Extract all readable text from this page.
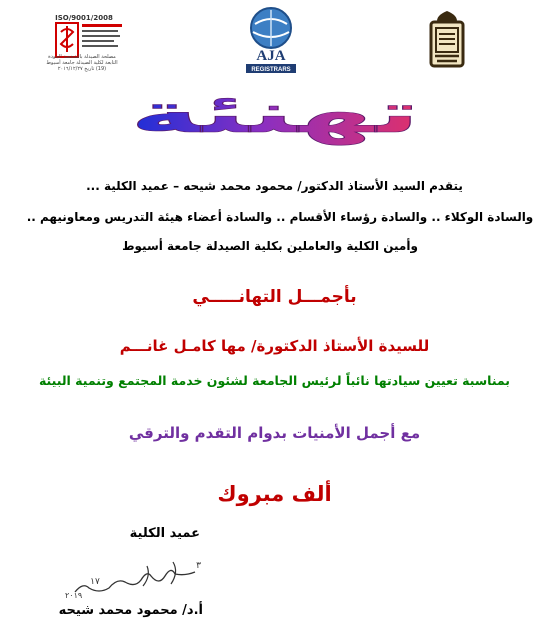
ISO/9001/2008
مصلحة الصيدلة بالشخصة الجودة
التابعة لكلية الصيدلة جامعة أسيوط
(19) تاريخ ٢٠١٦/١٢/٢٧
AJA
REGISTRARS
تهنئة
يتقدم السيد الأستاذ الدكتور/ محمود محمد شيحه – عميد الكلية ...
والسادة الوكلاء .. والسادة رؤساء الأقسام .. والسادة أعضاء هيئة التدريس ومعاونيهم ..
وأمين الكلية والعاملين بكلية الصيدلة جامعة أسيوط
بأجمـــل التهانـــــي
للسيدة الأستاذ الدكتورة/ مها كامـل غانـــم
بمناسبة تعيين سيادتها نائباً لرئيس الجامعة لشئون خدمة المجتمع وتنمية البيئة
مع أجمل الأمنيات بدوام التقدم والترقي
ألف مبروك
عميد الكلية
٣
١٧
٢٠١٩
أ.د/ محمود محمد شيحه
